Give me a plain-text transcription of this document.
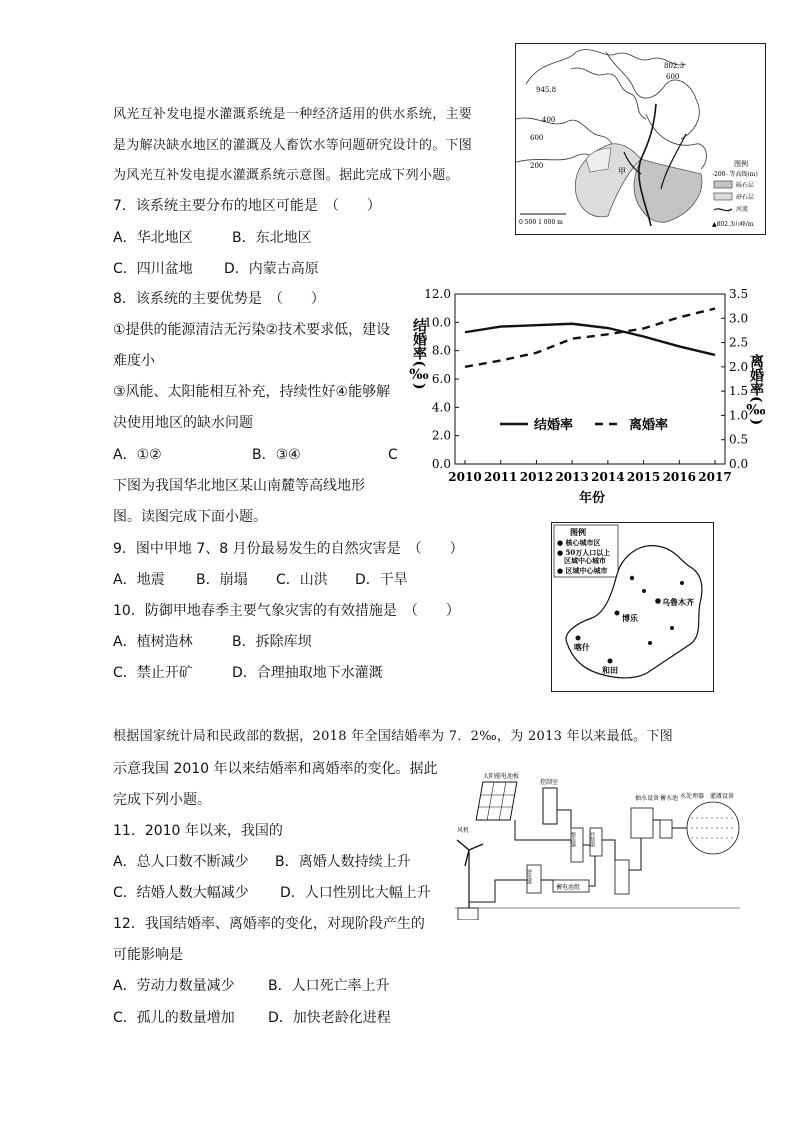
风光互补发电提水灌溉系统是一种经济适用的供水系统，主要
是为解决缺水地区的灌溉及人畜饮水等问题研究设计的。下图
为风光互补发电提水灌溉系统示意图。据此完成下列小题。
7．该系统主要分布的地区可能是　（　　）
A．华北地区	B．东北地区
C．四川盆地 D．内蒙古高原
8．该系统的主要优势是　（　　）
①提供的能源清洁无污染②技术要求低，建设
难度小
③风能、太阳能相互补充，持续性好④能够解
决使用地区的缺水问题
A．①②	B．③④	C
下图为我国华北地区某山南麓等高线地形
图。读图完成下面小题。
9．图中甲地 7、8 月份最易发生的自然灾害是　（　　）
A．地震 B．崩塌 C．山洪 D．干旱
10．防御甲地春季主要气象灾害的有效措施是　（　　）
A．植树造林	B．拆除库坝
C．禁止开矿	D．合理抽取地下水灌溉
根据国家统计局和民政部的数据，2018 年全国结婚率为 7．2‰，为 2013 年以来最低。下图
示意我国 2010 年以来结婚率和离婚率的变化。据此
完成下列小题。
11．2010 年以来，我国的
A．总人口数不断减少 B．离婚人数持续上升
C．结婚人数大幅减少 D．人口性别比大幅上升
12．我国结婚率、离婚率的变化，对现阶段产生的
可能影响是
A．劳动力数量减少 B．人口死亡率上升
C．孤儿的数量增加 D．加快老龄化进程
802.3
600
945.8
400
600
200
甲
0 500 1 000 m
图例
-200- 等高线(m)
砾石层
砂石层
河流
▲802.3山峰/m
0.0
2.0
4.0
6.0
8.0
10.0
12.0
0.0
0.5
1.0
1.5
2.0
2.5
3.0
3.5
2010 2011 2012 2013 2014 2015 2016 2017
结婚率	离婚率
结婚率(‰)	离婚率(‰)
年份
图例
● 核心城市区
● 50万人口以上
区域中心城市
● 区域中心城市
博乐
乌鲁木齐
喀什
和田
太阳能电池板
控制室
抽水设备 蓄水池 水处理器 灌溉设备
风机
整流器	控制器
逆变器
蓄电池组
